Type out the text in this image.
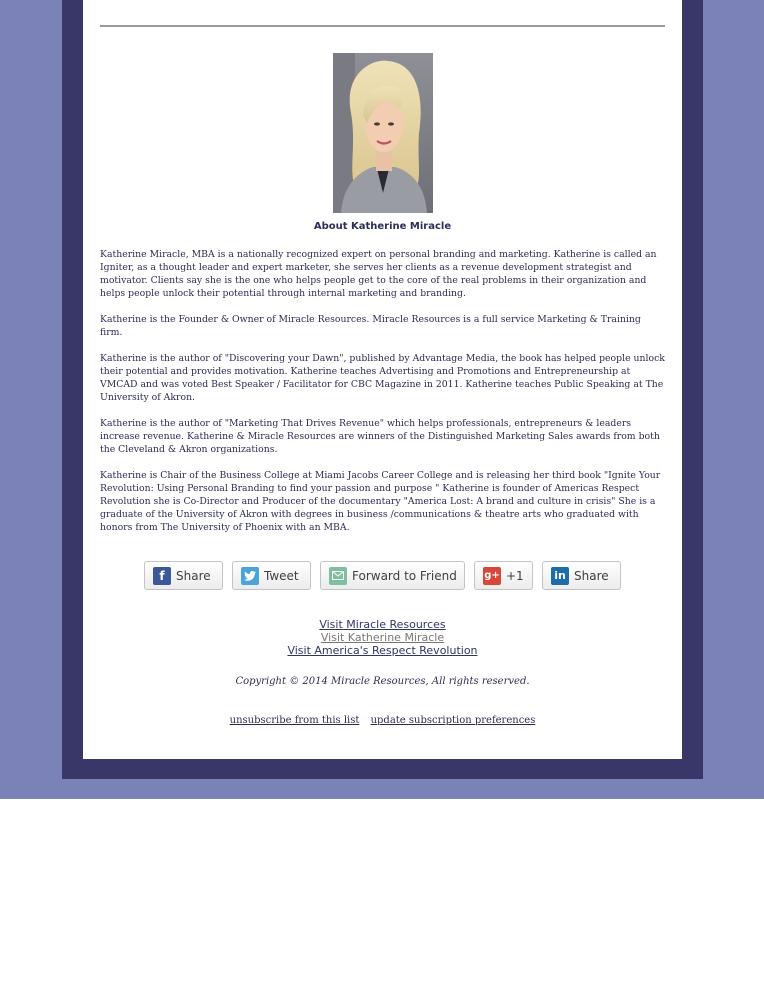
About Katherine Miracle

Katherine Miracle, MBA is a nationally recognized expert on personal branding and marketing. Katherine is called an Igniter, as a thought leader and expert marketer, she serves her clients as a revenue development strategist and motivator. Clients say she is the one who helps people get to the core of the real problems in their organization and helps people unlock their potential through internal marketing and branding.

Katherine is the Founder & Owner of Miracle Resources. Miracle Resources is a full service Marketing & Training firm.

Katherine is the author of "Discovering your Dawn", published by Advantage Media, the book has helped people unlock their potential and provides motivation. Katherine teaches Advertising and Promotions and Entrepreneurship at VMCAD and was voted Best Speaker / Facilitator for CBC Magazine in 2011. Katherine teaches Public Speaking at The University of Akron.

Katherine is the author of "Marketing That Drives Revenue" which helps professionals, entrepreneurs & leaders increase revenue. Katherine & Miracle Resources are winners of the Distinguished Marketing Sales awards from both the Cleveland & Akron organizations.

Katherine is Chair of the Business College at Miami Jacobs Career College and is releasing her third book "Ignite Your Revolution: Using Personal Branding to find your passion and purpose " Katherine is founder of Americas Respect Revolution she is Co-Director and Producer of the documentary "America Lost: A brand and culture in crisis" She is a graduate of the University of Akron with degrees in business /communications & theatre arts who graduated with honors from The University of Phoenix with an MBA.

f Share	Tweet	Forward to Friend	g+ +1	in Share
Visit Miracle Resources
Visit Katherine Miracle
Visit America's Respect Revolution
Copyright © 2014 Miracle Resources, All rights reserved.
unsubscribe from this list update subscription preferences
